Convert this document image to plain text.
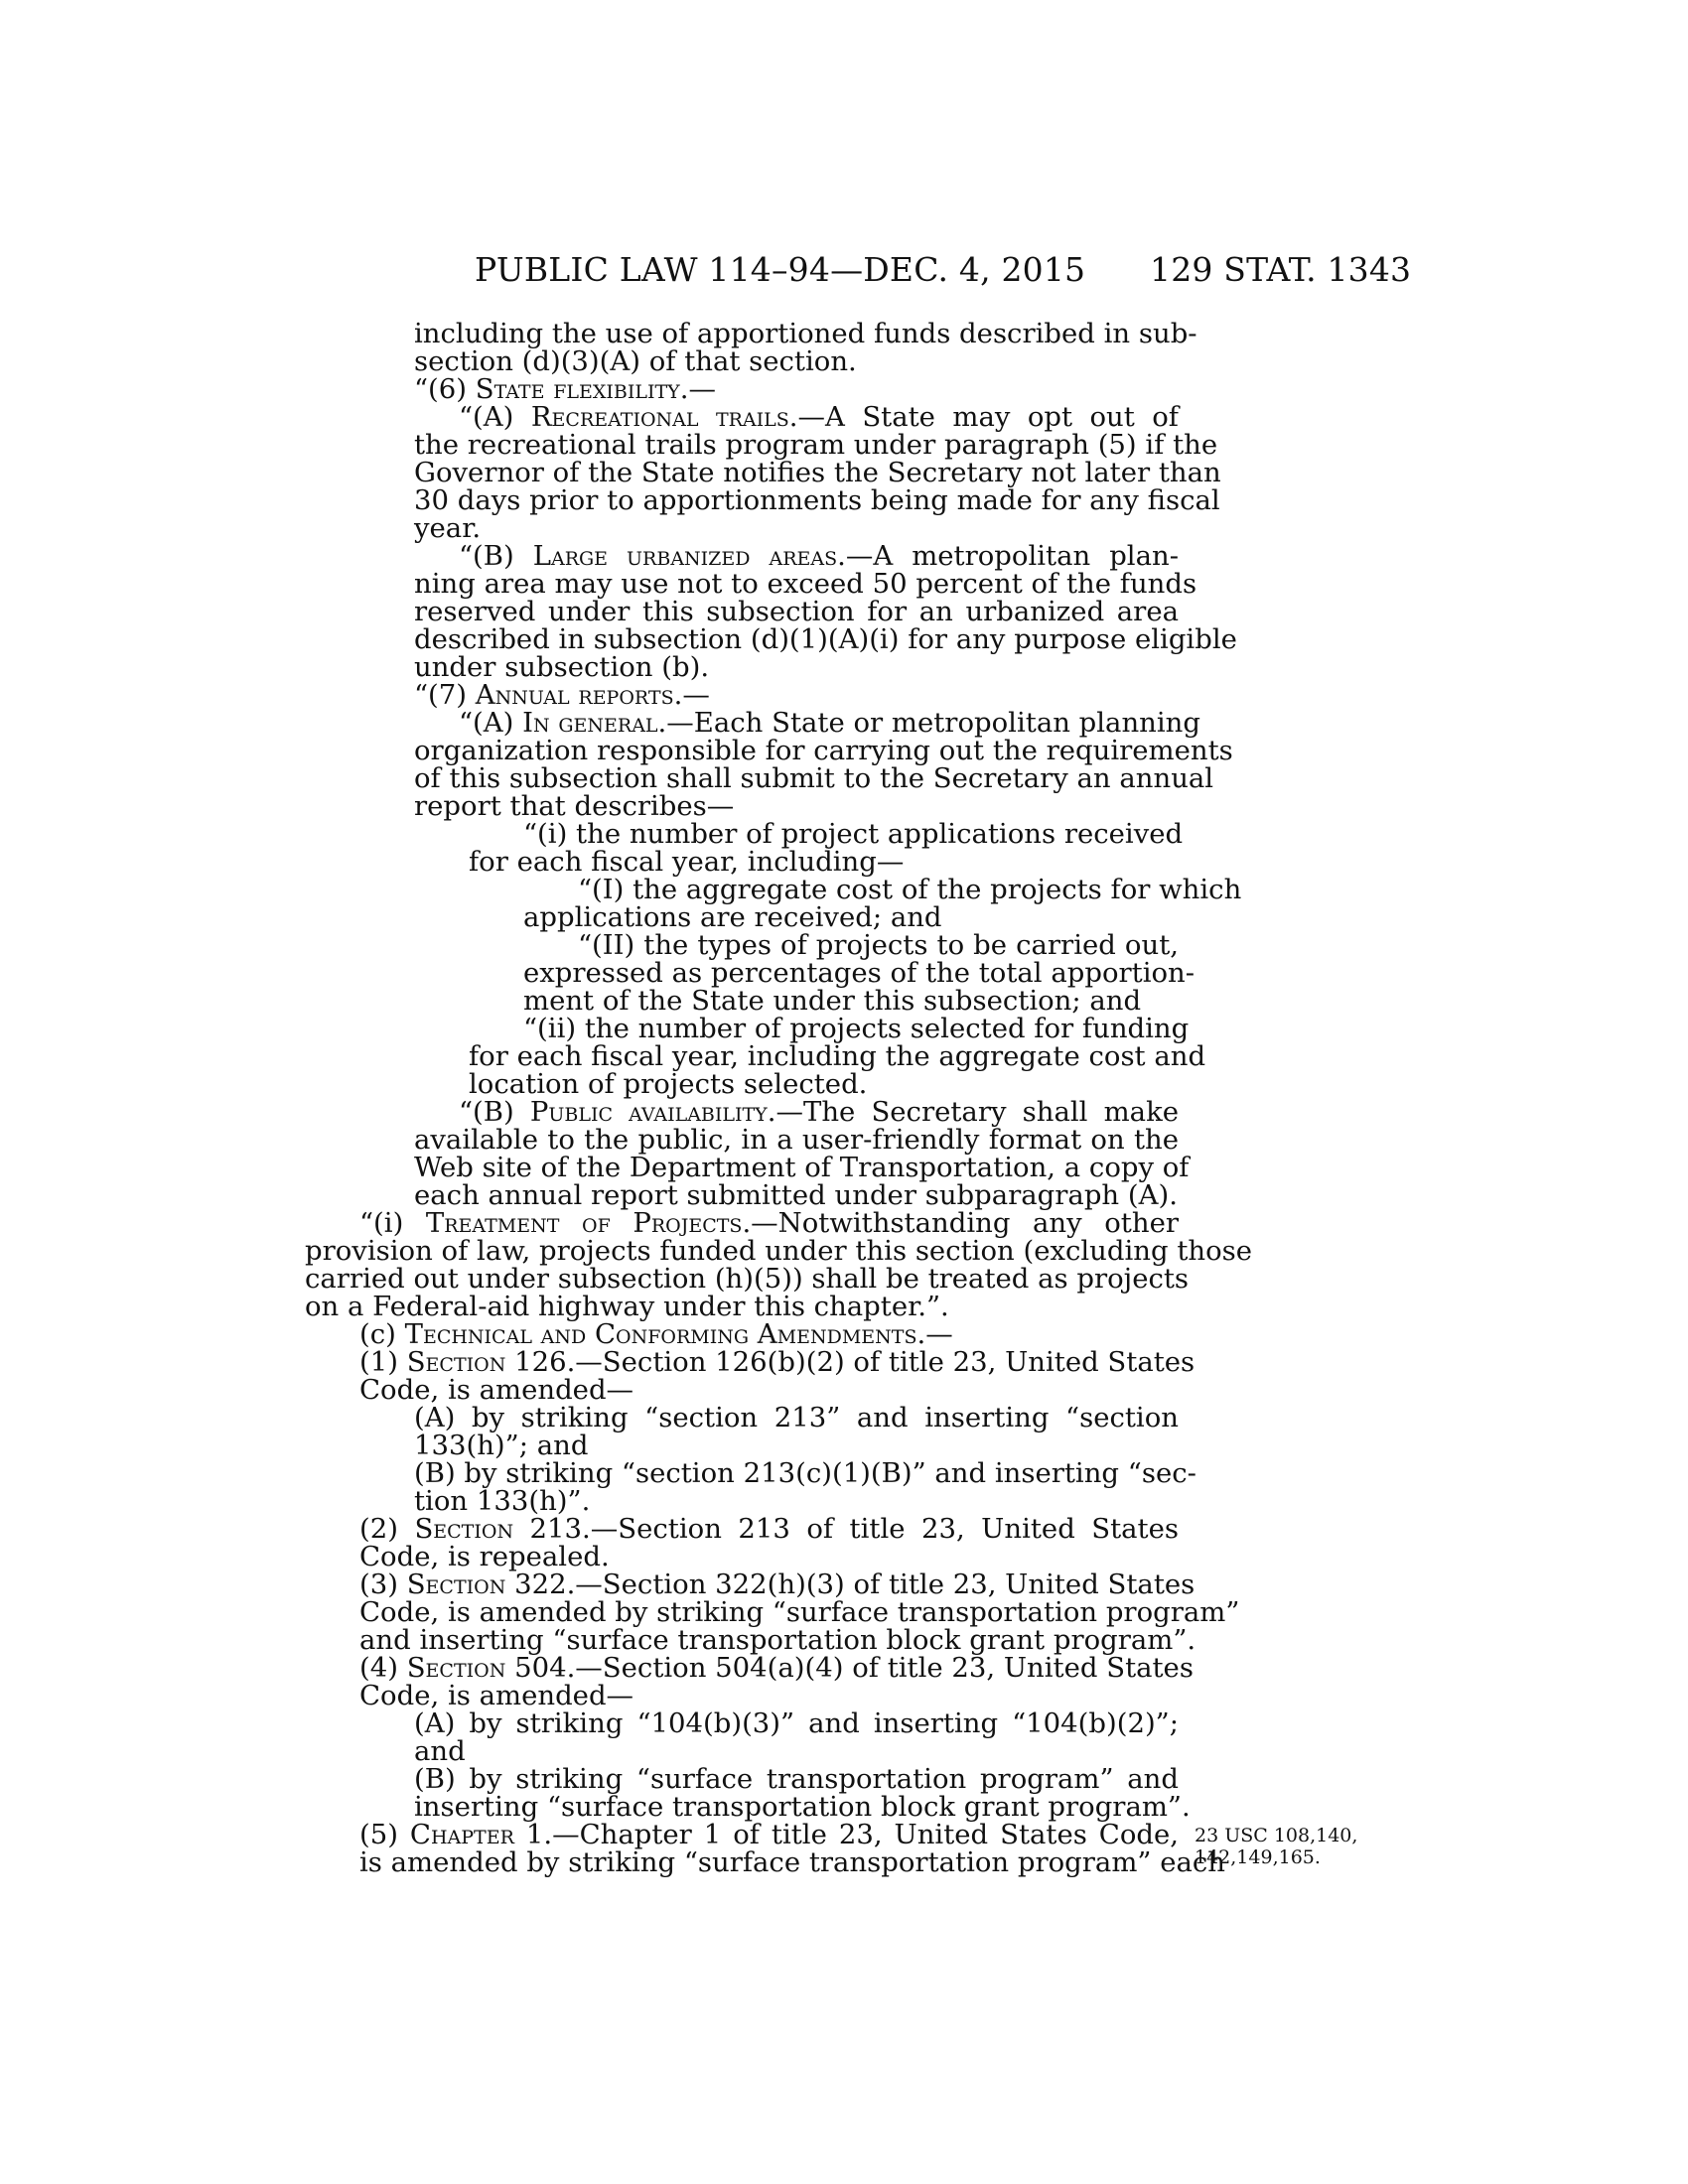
PUBLIC LAW 114–94—DEC. 4, 2015 129 STAT. 1343
including the use of apportioned funds described in sub-
section (d)(3)(A) of that section.
“(6) State flexibility.—
“(A) Recreational trails.—A State may opt out of
the recreational trails program under paragraph (5) if the
Governor of the State notifies the Secretary not later than
30 days prior to apportionments being made for any fiscal
year.
“(B) Large urbanized areas.—A metropolitan plan-
ning area may use not to exceed 50 percent of the funds
reserved under this subsection for an urbanized area
described in subsection (d)(1)(A)(i) for any purpose eligible
under subsection (b).
“(7) Annual reports.—
“(A) In general.—Each State or metropolitan planning
organization responsible for carrying out the requirements
of this subsection shall submit to the Secretary an annual
report that describes—
“(i) the number of project applications received
for each fiscal year, including—
“(I) the aggregate cost of the projects for which
applications are received; and
“(II) the types of projects to be carried out,
expressed as percentages of the total apportion-
ment of the State under this subsection; and
“(ii) the number of projects selected for funding
for each fiscal year, including the aggregate cost and
location of projects selected.
“(B) Public availability.—The Secretary shall make
available to the public, in a user-friendly format on the
Web site of the Department of Transportation, a copy of
each annual report submitted under subparagraph (A).
“(i) Treatment of Projects.—Notwithstanding any other
provision of law, projects funded under this section (excluding those
carried out under subsection (h)(5)) shall be treated as projects
on a Federal-aid highway under this chapter.”.
(c) Technical and Conforming Amendments.—
(1) Section 126.—Section 126(b)(2) of title 23, United States
Code, is amended—
(A) by striking “section 213” and inserting “section
133(h)”; and
(B) by striking “section 213(c)(1)(B)” and inserting “sec-
tion 133(h)”.
(2) Section 213.—Section 213 of title 23, United States
Code, is repealed.
(3) Section 322.—Section 322(h)(3) of title 23, United States
Code, is amended by striking “surface transportation program”
and inserting “surface transportation block grant program”.
(4) Section 504.—Section 504(a)(4) of title 23, United States
Code, is amended—
(A) by striking “104(b)(3)” and inserting “104(b)(2)”;
and
(B) by striking “surface transportation program” and
inserting “surface transportation block grant program”.
(5) Chapter 1.—Chapter 1 of title 23, United States Code,
is amended by striking “surface transportation program” each
23 USC 108,140,
142,149,165.
